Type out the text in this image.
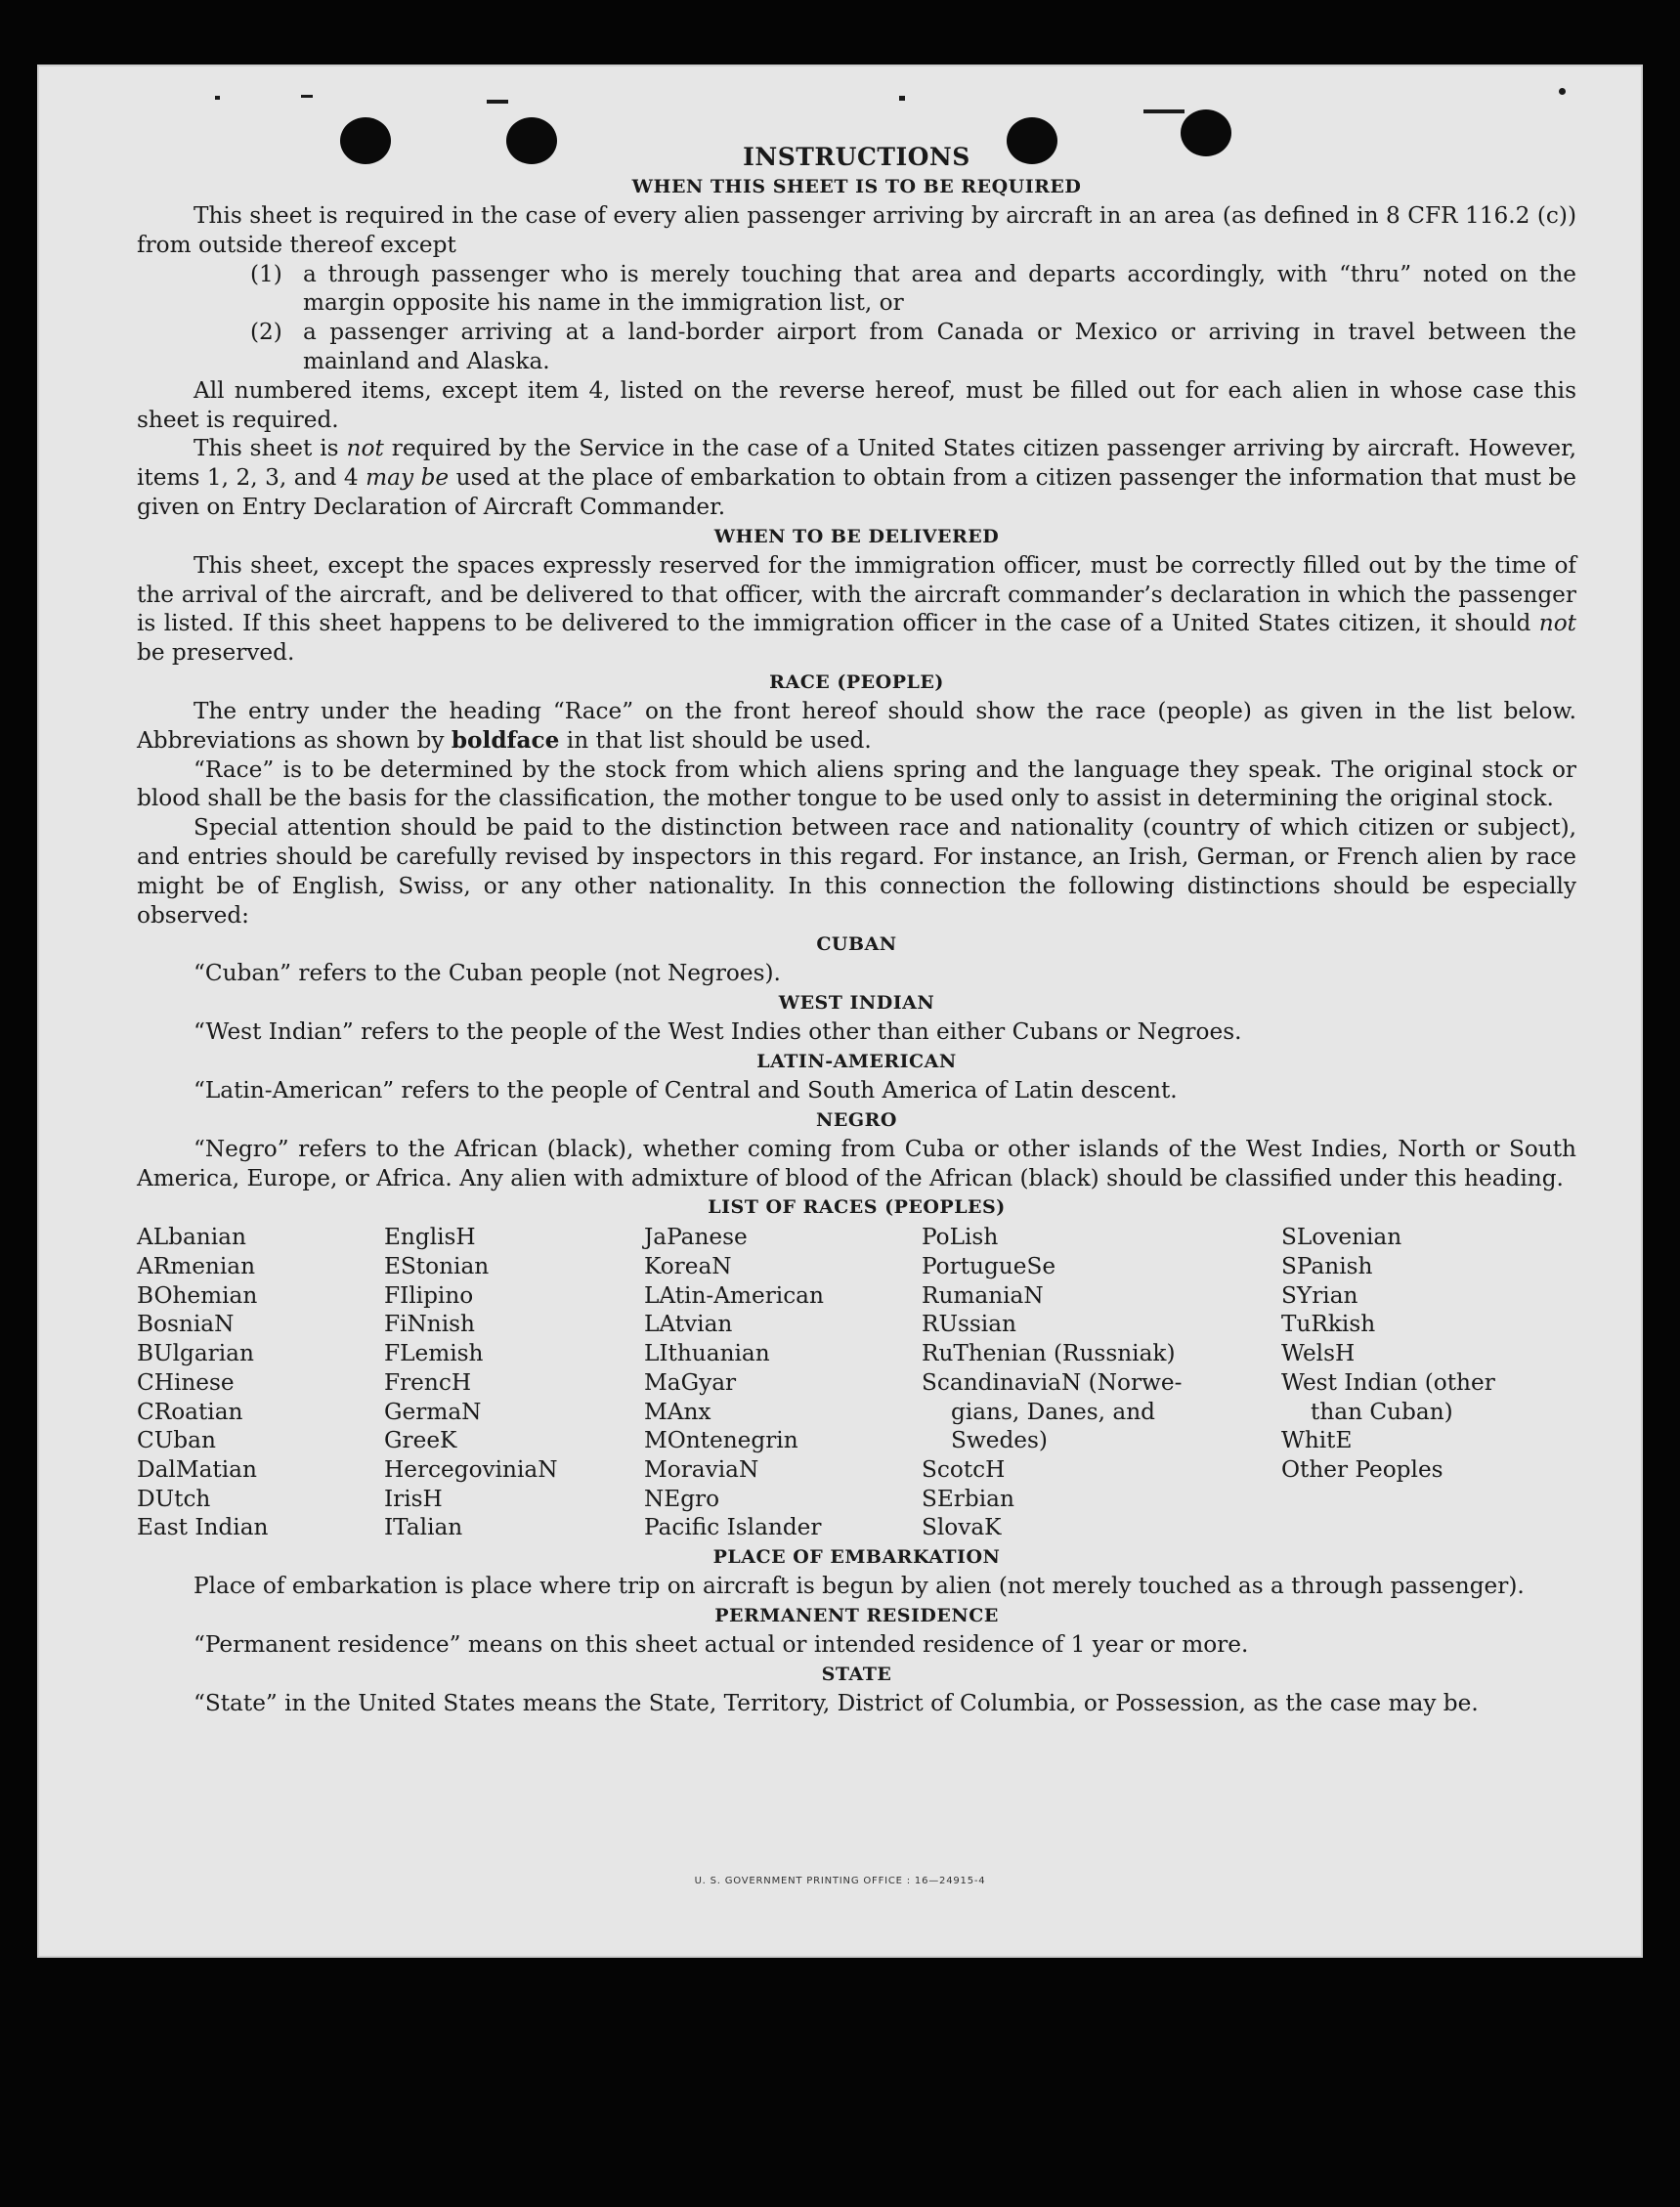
INSTRUCTIONS
WHEN THIS SHEET IS TO BE REQUIRED

This sheet is required in the case of every alien passenger arriving by aircraft in an area (as defined in 8 CFR 116.2 (c)) from outside thereof except

(1) a through passenger who is merely touching that area and departs accordingly, with “thru” noted on the margin opposite his name in the immigration list, or
(2) a passenger arriving at a land-border airport from Canada or Mexico or arriving in travel between the mainland and Alaska.

All numbered items, except item 4, listed on the reverse hereof, must be filled out for each alien in whose case this sheet is required.

This sheet is not required by the Service in the case of a United States citizen passenger arriving by aircraft. However, items 1, 2, 3, and 4 may be used at the place of embarkation to obtain from a citizen passenger the information that must be given on Entry Declaration of Aircraft Commander.

WHEN TO BE DELIVERED

This sheet, except the spaces expressly reserved for the immigration officer, must be correctly filled out by the time of the arrival of the aircraft, and be delivered to that officer, with the aircraft commander’s declaration in which the passenger is listed. If this sheet happens to be delivered to the immigration officer in the case of a United States citizen, it should not be preserved.

RACE (PEOPLE)

The entry under the heading “Race” on the front hereof should show the race (people) as given in the list below. Abbreviations as shown by boldface in that list should be used.

“Race” is to be determined by the stock from which aliens spring and the language they speak. The original stock or blood shall be the basis for the classification, the mother tongue to be used only to assist in determining the original stock.

Special attention should be paid to the distinction between race and nationality (country of which citizen or subject), and entries should be carefully revised by inspectors in this regard. For instance, an Irish, German, or French alien by race might be of English, Swiss, or any other nationality. In this connection the following distinctions should be especially observed:

CUBAN

“Cuban” refers to the Cuban people (not Negroes).

WEST INDIAN

“West Indian” refers to the people of the West Indies other than either Cubans or Negroes.

LATIN-AMERICAN

“Latin-American” refers to the people of Central and South America of Latin descent.

NEGRO

“Negro” refers to the African (black), whether coming from Cuba or other islands of the West Indies, North or South America, Europe, or Africa. Any alien with admixture of blood of the African (black) should be classified under this heading.

LIST OF RACES (PEOPLES)
ALbanian
ARmenian
BOhemian
BosniaN
BUlgarian
CHinese
CRoatian
CUban
DalMatian
DUtch
East Indian
EnglisH
EStonian
FIlipino
FiNnish
FLemish
FrencH
GermaN
GreeK
HercegoviniaN
IrisH
ITalian
JaPanese
KoreaN
LAtin-American
LAtvian
LIthuanian
MaGyar
MAnx
MOntenegrin
MoraviaN
NEgro
Pacific Islander
PoLish
PortugueSe
RumaniaN
RUssian
RuThenian (Russniak)
ScandinaviaN (Norwe-
gians, Danes, and
Swedes)
ScotcH
SErbian
SlovaK
SLovenian
SPanish
SYrian
TuRkish
WelsH
West Indian (other
than Cuban)
WhitE
Other Peoples
PLACE OF EMBARKATION

Place of embarkation is place where trip on aircraft is begun by alien (not merely touched as a through passenger).

PERMANENT RESIDENCE

“Permanent residence” means on this sheet actual or intended residence of 1 year or more.

STATE

“State” in the United States means the State, Territory, District of Columbia, or Possession, as the case may be.

U. S. GOVERNMENT PRINTING OFFICE : 16—24915-4
